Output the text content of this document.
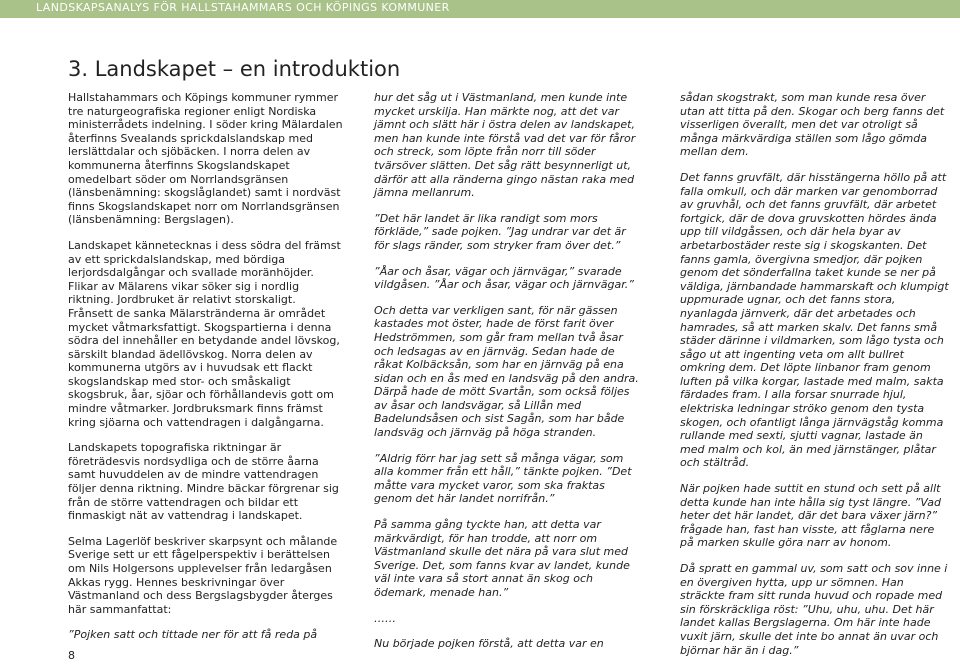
LANDSKAPSANALYS FÖR HALLSTAHAMMARS OCH KÖPINGS KOMMUNER
3. Landskapet – en introduktion

Hallstahammars och Köpings kommuner rymmer tre naturgeografiska regioner enligt Nordiska ministerrådets indelning. I söder kring Mälardalen återfinns Svealands sprickdalslandskap med lerslättdalar och sjöbäcken. I norra delen av kommunerna återfinns Skogslandskapet omedelbart söder om Norrlandsgränsen (länsbenämning: skogslåglandet) samt i nordväst finns Skogslandskapet norr om Norrlandsgränsen (länsbenämning: Bergslagen).

Landskapet kännetecknas i dess södra del främst av ett sprickdalslandskap, med bördiga lerjordsdalgångar och svallade moränhöjder. Flikar av Mälarens vikar söker sig i nordlig riktning. Jordbruket är relativt storskaligt. Frånsett de sanka Mälarstränderna är området mycket våtmarksfattigt. Skogspartierna i denna södra del innehåller en betydande andel lövskog, särskilt blandad ädellövskog. Norra delen av kommunerna utgörs av i huvudsak ett flackt skogslandskap med stor- och småskaligt skogsbruk, åar, sjöar och förhållandevis gott om mindre våtmarker. Jordbruksmark finns främst kring sjöarna och vattendragen i dalgångarna.

Landskapets topografiska riktningar är företrädesvis nordsydliga och de större åarna samt huvuddelen av de mindre vattendragen följer denna riktning. Mindre bäckar förgrenar sig från de större vattendragen och bildar ett finmaskigt nät av vattendrag i landskapet.

Selma Lagerlöf beskriver skarpsynt och målande Sverige sett ur ett fågelperspektiv i berättelsen om Nils Holgersons upplevelser från ledargåsen Akkas rygg. Hennes beskrivningar över Västmanland och dess Bergslagsbygder återges här sammanfattat:

”Pojken satt och tittade ner för att få reda på

hur det såg ut i Västmanland, men kunde inte mycket urskilja. Han märkte nog, att det var jämnt och slätt här i östra delen av landskapet, men han kunde inte förstå vad det var för fåror och streck, som löpte från norr till söder tvärsöver slätten. Det såg rätt besynnerligt ut, därför att alla ränderna gingo nästan raka med jämna mellanrum.

”Det här landet är lika randigt som mors förkläde,” sade pojken. ”Jag undrar var det är för slags ränder, som stryker fram över det.”

”Åar och åsar, vägar och järnvägar,” svarade vildgåsen. ”Åar och åsar, vägar och järnvägar.”

Och detta var verkligen sant, för när gässen kastades mot öster, hade de först farit över Hedströmmen, som går fram mellan två åsar och ledsagas av en järnväg. Sedan hade de råkat Kolbäcksån, som har en järnväg på ena sidan och en ås med en landsväg på den andra. Därpå hade de mött Svartån, som också följes av åsar och landsvägar, så Lillån med Badelundsåsen och sist Sagån, som har både landsväg och järnväg på höga stranden.

”Aldrig förr har jag sett så många vägar, som alla kommer från ett håll,” tänkte pojken. ”Det måtte vara mycket varor, som ska fraktas genom det här landet norrifrån.”

På samma gång tyckte han, att detta var märkvärdigt, för han trodde, att norr om Västmanland skulle det nära på vara slut med Sverige. Det, som fanns kvar av landet, kunde väl inte vara så stort annat än skog och ödemark, menade han.”

……

Nu började pojken förstå, att detta var en

sådan skogstrakt, som man kunde resa över utan att titta på den. Skogar och berg fanns det visserligen överallt, men det var otroligt så många märkvärdiga ställen som lågo gömda mellan dem.

Det fanns gruvfält, där hisstängerna höllo på att falla omkull, och där marken var genomborrad av gruvhål, och det fanns gruvfält, där arbetet fortgick, där de dova gruvskotten hördes ända upp till vildgåssen, och där hela byar av arbetarbostäder reste sig i skogskanten. Det fanns gamla, övergivna smedjor, där pojken genom det sönderfallna taket kunde se ner på väldiga, järnbandade hammarskaft och klumpigt uppmurade ugnar, och det fanns stora, nyanlagda järnverk, där det arbetades och hamrades, så att marken skalv. Det fanns små städer därinne i vildmarken, som lågo tysta och sågo ut att ingenting veta om allt bullret omkring dem. Det löpte linbanor fram genom luften på vilka korgar, lastade med malm, sakta färdades fram. I alla forsar snurrade hjul, elektriska ledningar ströko genom den tysta skogen, och ofantligt långa järnvägståg komma rullande med sexti, sjutti vagnar, lastade än med malm och kol, än med järnstänger, plåtar och stältråd.

När pojken hade suttit en stund och sett på allt detta kunde han inte hålla sig tyst längre. ”Vad heter det här landet, där det bara växer järn?” frågade han, fast han visste, att fåglarna nere på marken skulle göra narr av honom.

Då spratt en gammal uv, som satt och sov inne i en övergiven hytta, upp ur sömnen. Han sträckte fram sitt runda huvud och ropade med sin förskräckliga röst: ”Uhu, uhu, uhu. Det här landet kallas Bergslagerna. Om här inte hade vuxit järn, skulle det inte bo annat än uvar och björnar här än i dag.”

8
